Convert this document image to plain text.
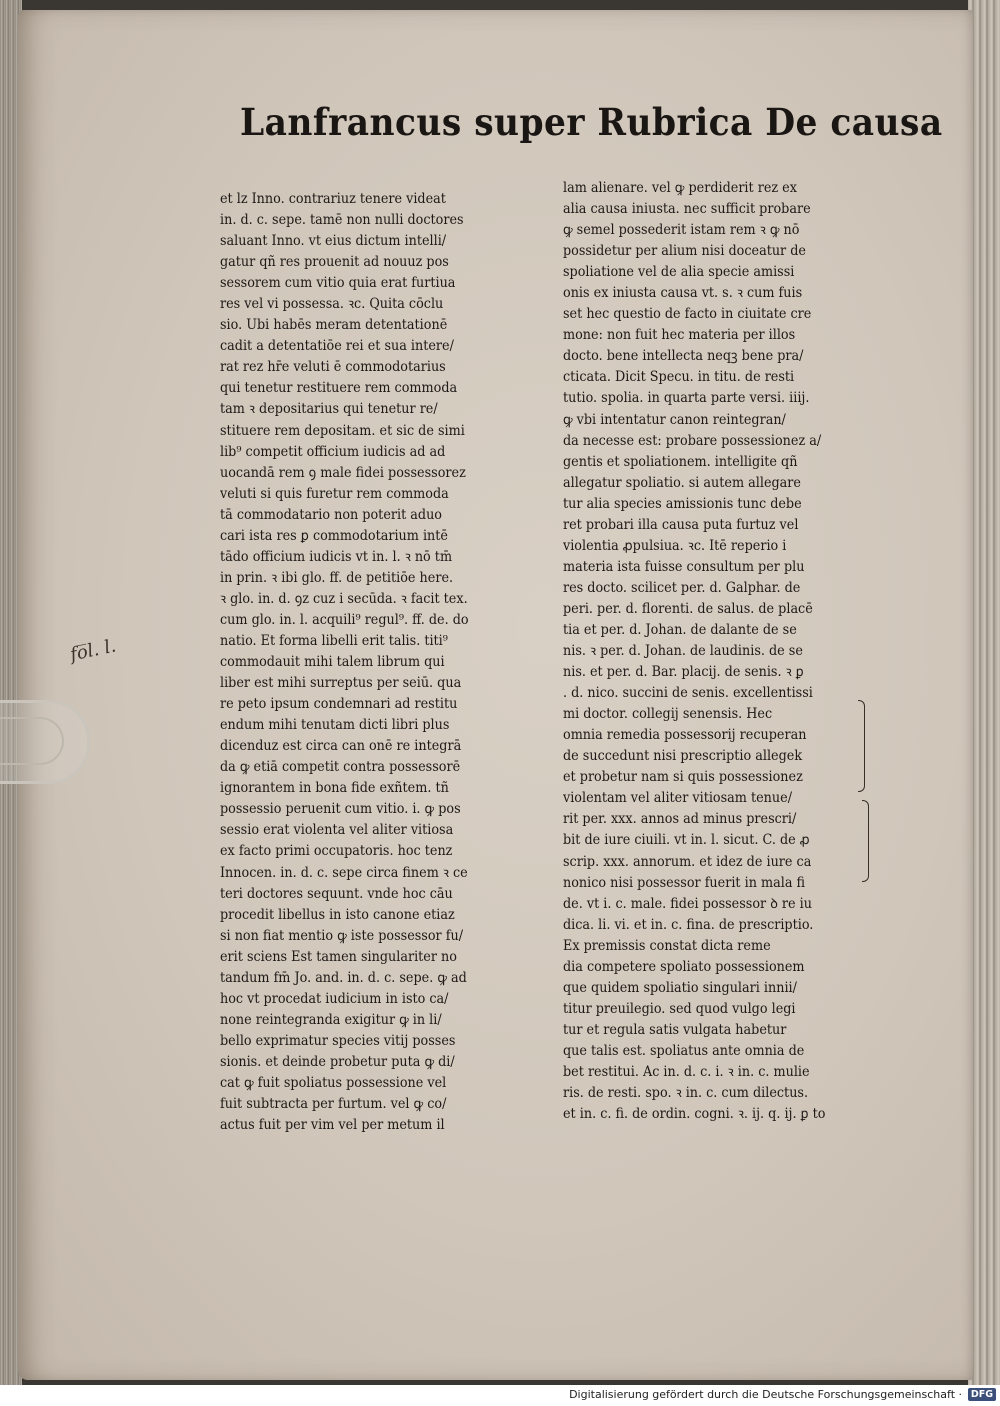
Lanfrancus super Rubrica De causa
et lz Inno. contrariuz tenere videat
in. d. c. sepe. tamē non nulli doctores
saluant Inno. vt eius dictum intelli/
gatur qñ res prouenit ad nouuz pos
sessorem cum vitio quia erat furtiua
res vel vi possessa. ꝛc. Quita cōclu
sio. Ubi habēs meram detentationē
cadit a detentatiōe rei et sua intere/
rat rez hr̄e veluti ē commodotarius
qui tenetur restituere rem commoda
tam ꝛ depositarius qui tenetur re/
stituere rem depositam. et sic de simi
lib⁹ competit officium iudicis ad ad
uocandā rem ꝯ male fidei possessorez
veluti si quis furetur rem commoda
tā commodatario non poterit aduo
cari ista res ꝑ commodotarium intē
tādo officium iudicis vt in. l. ꝛ nō tm̄
in prin. ꝛ ibi glo. ff. de petitiōe here.
ꝛ glo. in. d. ꝯz cuz i secūda. ꝛ facit tex.
cum glo. in. l. acquili⁹ regul⁹. ff. de. do
natio. Et forma libelli erit talis. titi⁹
commodauit mihi talem librum qui
liber est mihi surreptus per seiū. qua
re peto ipsum condemnari ad restitu
endum mihi tenutam dicti libri plus
dicenduz est circa can onē re integrā
da ꝙ etiā competit contra possessorē
ignorantem in bona fide exñtem. tñ
possessio peruenit cum vitio. i. ꝙ pos
sessio erat violenta vel aliter vitiosa
ex facto primi occupatoris. hoc tenz
Innocen. in. d. c. sepe circa finem ꝛ ce
teri doctores sequunt. vnde hoc cāu
procedit libellus in isto canone etiaz
si non fiat mentio ꝙ iste possessor fu/
erit sciens Est tamen singulariter no
tandum fm̄ Jo. and. in. d. c. sepe. ꝙ ad
hoc vt procedat iudicium in isto ca/
none reintegranda exigitur ꝙ in li/
bello exprimatur species vitij posses
sionis. et deinde probetur puta ꝙ di/
cat ꝙ fuit spoliatus possessione vel
fuit subtracta per furtum. vel ꝙ co/
actus fuit per vim vel per metum il
lam alienare. vel ꝙ perdiderit rez ex
alia causa iniusta. nec sufficit probare
ꝙ semel possederit istam rem ꝛ ꝙ nō
possidetur per alium nisi doceatur de
spoliatione vel de alia specie amissi
onis ex iniusta causa vt. s. ꝛ cum fuis
set hec questio de facto in ciuitate cre
mone: non fuit hec materia per illos
docto. bene intellecta neqꝫ bene pra/
cticata. Dicit Specu. in titu. de resti
tutio. spolia. in quarta parte versi. iiij.
ꝙ vbi intentatur canon reintegran/
da necesse est: probare possessionez a/
gentis et spoliationem. intelligite qñ
allegatur spoliatio. si autem allegare
tur alia species amissionis tunc debe
ret probari illa causa puta furtuz vel
violentia ꝓpulsiua. ꝛc. Itē reperio i
materia ista fuisse consultum per plu
res docto. scilicet per. d. Galphar. de
peri. per. d. florenti. de salus. de placē
tia et per. d. Johan. de dalante de se
nis. ꝛ per. d. Johan. de laudinis. de se
nis. et per. d. Bar. placij. de senis. ꝛ ꝑ
. d. nico. succini de senis. excellentissi
mi doctor. collegij senensis. Hec
omnia remedia possessorij recuperan
de succedunt nisi prescriptio allegek
et probetur nam si quis possessionez
violentam vel aliter vitiosam tenue/
rit per. xxx. annos ad minus prescri/
bit de iure ciuili. vt in. l. sicut. C. de ꝓ
scrip. xxx. annorum. et idez de iure ca
nonico nisi possessor fuerit in mala fi
de. vt i. c. male. fidei possessor ꝺ re iu
dica. li. vi. et in. c. fina. de prescriptio.
Ex premissis constat dicta reme
dia competere spoliato possessionem
que quidem spoliatio singulari innii/
titur preuilegio. sed quod vulgo legi
tur et regula satis vulgata habetur
que talis est. spoliatus ante omnia de
bet restitui. Ac in. d. c. i. ꝛ in. c. mulie
ris. de resti. spo. ꝛ in. c. cum dilectus.
et in. c. fi. de ordin. cogni. ꝛ. ij. q. ij. ꝑ to
fo̅l. l.
Digitalisierung gefördert durch die Deutsche Forschungsgemeinschaft · DFG
